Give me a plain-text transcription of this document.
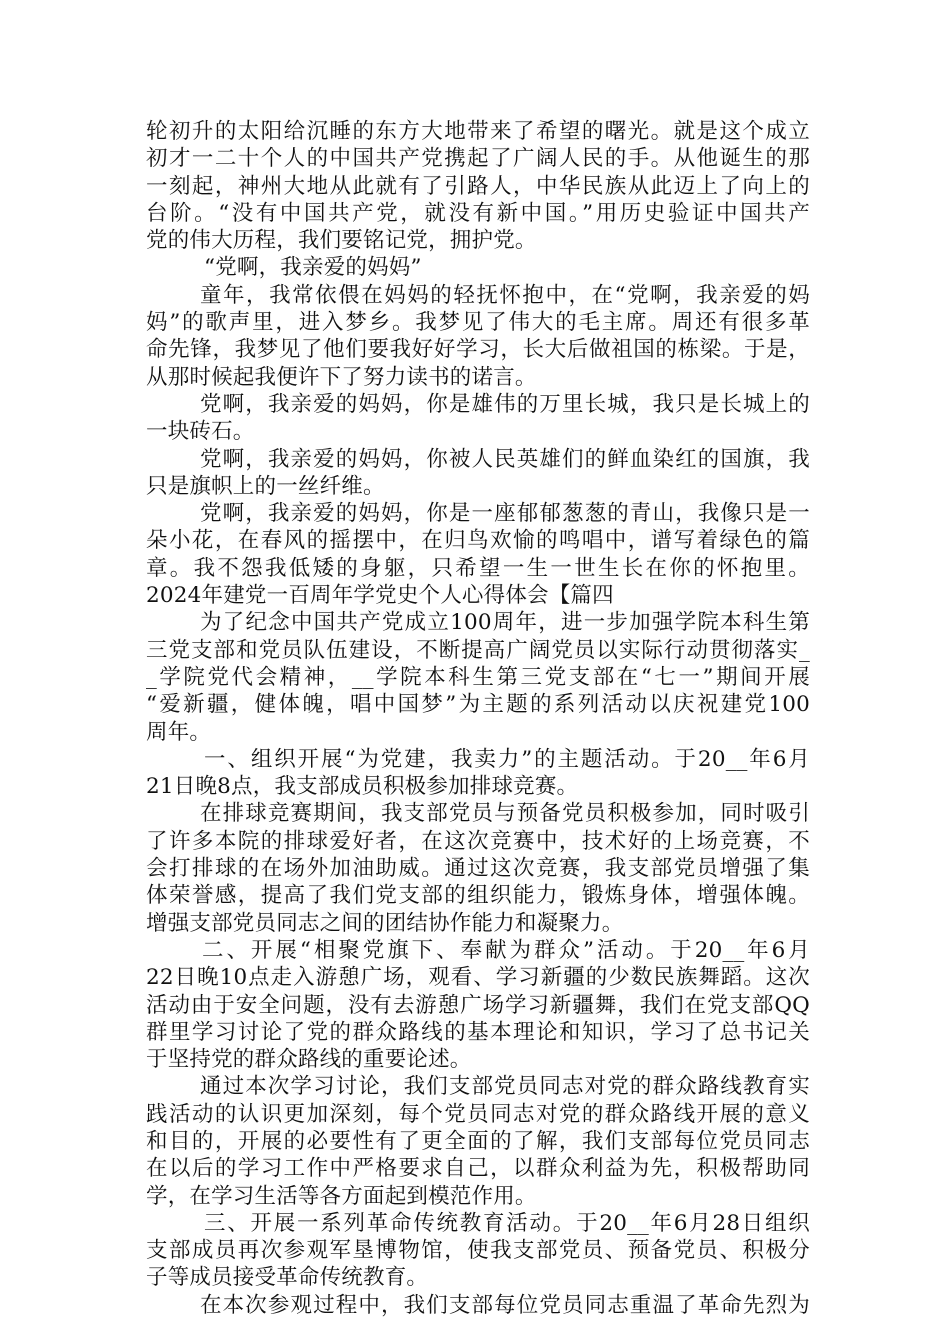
轮初升的太阳给沉睡的东方大地带来了希望的曙光。就是这个成立
初才一二十个人的中国共产党携起了广阔人民的手。从他诞生的那
一刻起，神州大地从此就有了引路人，中华民族从此迈上了向上的
台阶。“没有中国共产党，就没有新中国。”用历史验证中国共产
党的伟大历程，我们要铭记党，拥护党。
“党啊，我亲爱的妈妈”
童年，我常依偎在妈妈的轻抚怀抱中，在“党啊，我亲爱的妈
妈”的歌声里，进入梦乡。我梦见了伟大的毛主席。周还有很多革
命先锋，我梦见了他们要我好好学习，长大后做祖国的栋梁。于是，
从那时候起我便许下了努力读书的诺言。
党啊，我亲爱的妈妈，你是雄伟的万里长城，我只是长城上的
一块砖石。
党啊，我亲爱的妈妈，你被人民英雄们的鲜血染红的国旗，我
只是旗帜上的一丝纤维。
党啊，我亲爱的妈妈，你是一座郁郁葱葱的青山，我像只是一
朵小花，在春风的摇摆中，在归鸟欢愉的鸣唱中，谱写着绿色的篇
章。我不怨我低矮的身躯，只希望一生一世生长在你的怀抱里。
2024年建党一百周年学党史个人心得体会【篇四
为了纪念中国共产党成立100周年，进一步加强学院本科生第
三党支部和党员队伍建设，不断提高广阔党员以实际行动贯彻落实_
_学院党代会精神，__学院本科生第三党支部在“七一”期间开展
“爱新疆，健体魄，唱中国梦”为主题的系列活动以庆祝建党100
周年。
一、组织开展“为党建，我卖力”的主题活动。于20__年6月
21日晚8点，我支部成员积极参加排球竞赛。
在排球竞赛期间，我支部党员与预备党员积极参加，同时吸引
了许多本院的排球爱好者，在这次竞赛中，技术好的上场竞赛，不
会打排球的在场外加油助威。通过这次竞赛，我支部党员增强了集
体荣誉感，提高了我们党支部的组织能力，锻炼身体，增强体魄。
增强支部党员同志之间的团结协作能力和凝聚力。
二、开展“相聚党旗下、奉献为群众”活动。于20__年6月
22日晚10点走入游憩广场，观看、学习新疆的少数民族舞蹈。这次
活动由于安全问题，没有去游憩广场学习新疆舞，我们在党支部QQ
群里学习讨论了党的群众路线的基本理论和知识，学习了总书记关
于坚持党的群众路线的重要论述。
通过本次学习讨论，我们支部党员同志对党的群众路线教育实
践活动的认识更加深刻，每个党员同志对党的群众路线开展的意义
和目的，开展的必要性有了更全面的了解，我们支部每位党员同志
在以后的学习工作中严格要求自己，以群众利益为先，积极帮助同
学，在学习生活等各方面起到模范作用。
三、开展一系列革命传统教育活动。于20__年6月28日组织
支部成员再次参观军垦博物馆，使我支部党员、预备党员、积极分
子等成员接受革命传统教育。
在本次参观过程中，我们支部每位党员同志重温了革命先烈为
